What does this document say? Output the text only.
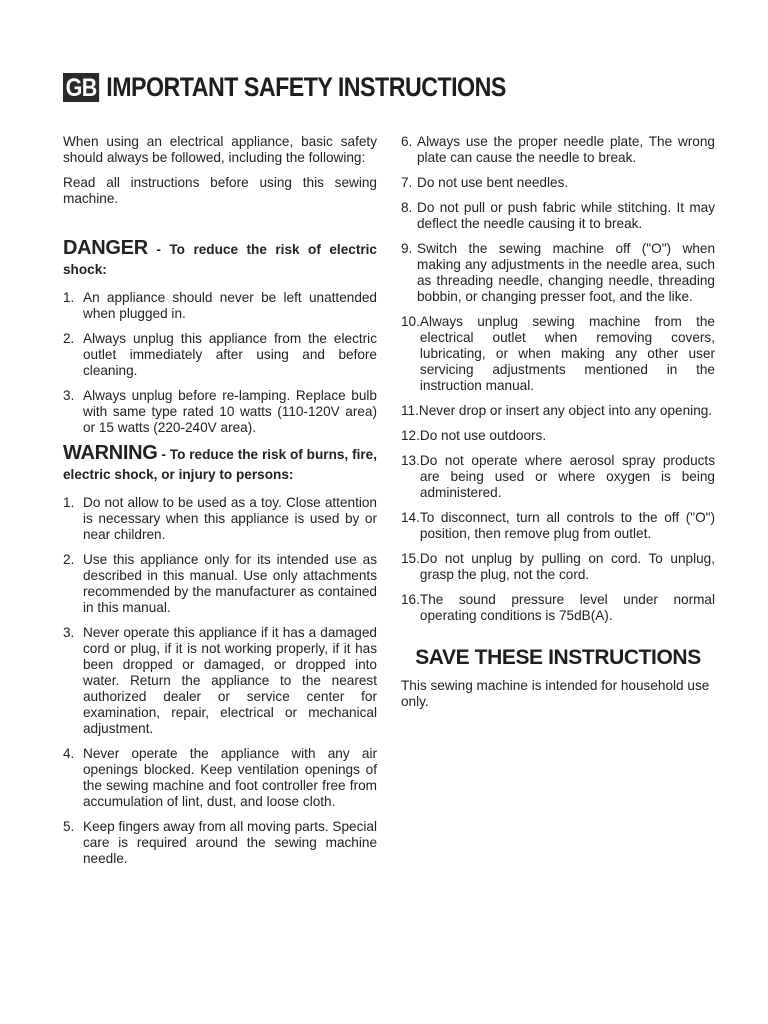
GB IMPORTANT SAFETY INSTRUCTIONS

When using an electrical appliance, basic safety should always be followed, including the following:

Read all instructions before using this sewing machine.

DANGER - To reduce the risk of electric shock:
1. An appliance should never be left unattended when plugged in.
2. Always unplug this appliance from the electric outlet immediately after using and before cleaning.
3. Always unplug before re-lamping. Replace bulb with same type rated 10 watts (110-120V area) or 15 watts (220-240V area).
WARNING - To reduce the risk of burns, fire, electric shock, or injury to persons:
1. Do not allow to be used as a toy. Close attention is necessary when this appliance is used by or near children.
2. Use this appliance only for its intended use as described in this manual. Use only attachments recommended by the manufacturer as contained in this manual.
3. Never operate this appliance if it has a damaged cord or plug, if it is not working properly, if it has been dropped or damaged, or dropped into water. Return the appliance to the nearest authorized dealer or service center for examination, repair, electrical or mechanical adjustment.
4. Never operate the appliance with any air openings blocked. Keep ventilation openings of the sewing machine and foot controller free from accumulation of lint, dust, and loose cloth.
5. Keep fingers away from all moving parts. Special care is required around the sewing machine needle.
6. Always use the proper needle plate, The wrong plate can cause the needle to break.
7. Do not use bent needles.
8. Do not pull or push fabric while stitching. It may deflect the needle causing it to break.
9. Switch the sewing machine off ("O") when making any adjustments in the needle area, such as threading needle, changing needle, threading bobbin, or changing presser foot, and the like.
10. Always unplug sewing machine from the electrical outlet when removing covers, lubricating, or when making any other user servicing adjustments mentioned in the instruction manual.
11. Never drop or insert any object into any opening.
12. Do not use outdoors.
13. Do not operate where aerosol spray products are being used or where oxygen is being administered.
14. To disconnect, turn all controls to the off ("O") position, then remove plug from outlet.
15. Do not unplug by pulling on cord. To unplug, grasp the plug, not the cord.
16. The sound pressure level under normal operating conditions is 75dB(A).
SAVE THESE INSTRUCTIONS

This sewing machine is intended for household use only.
